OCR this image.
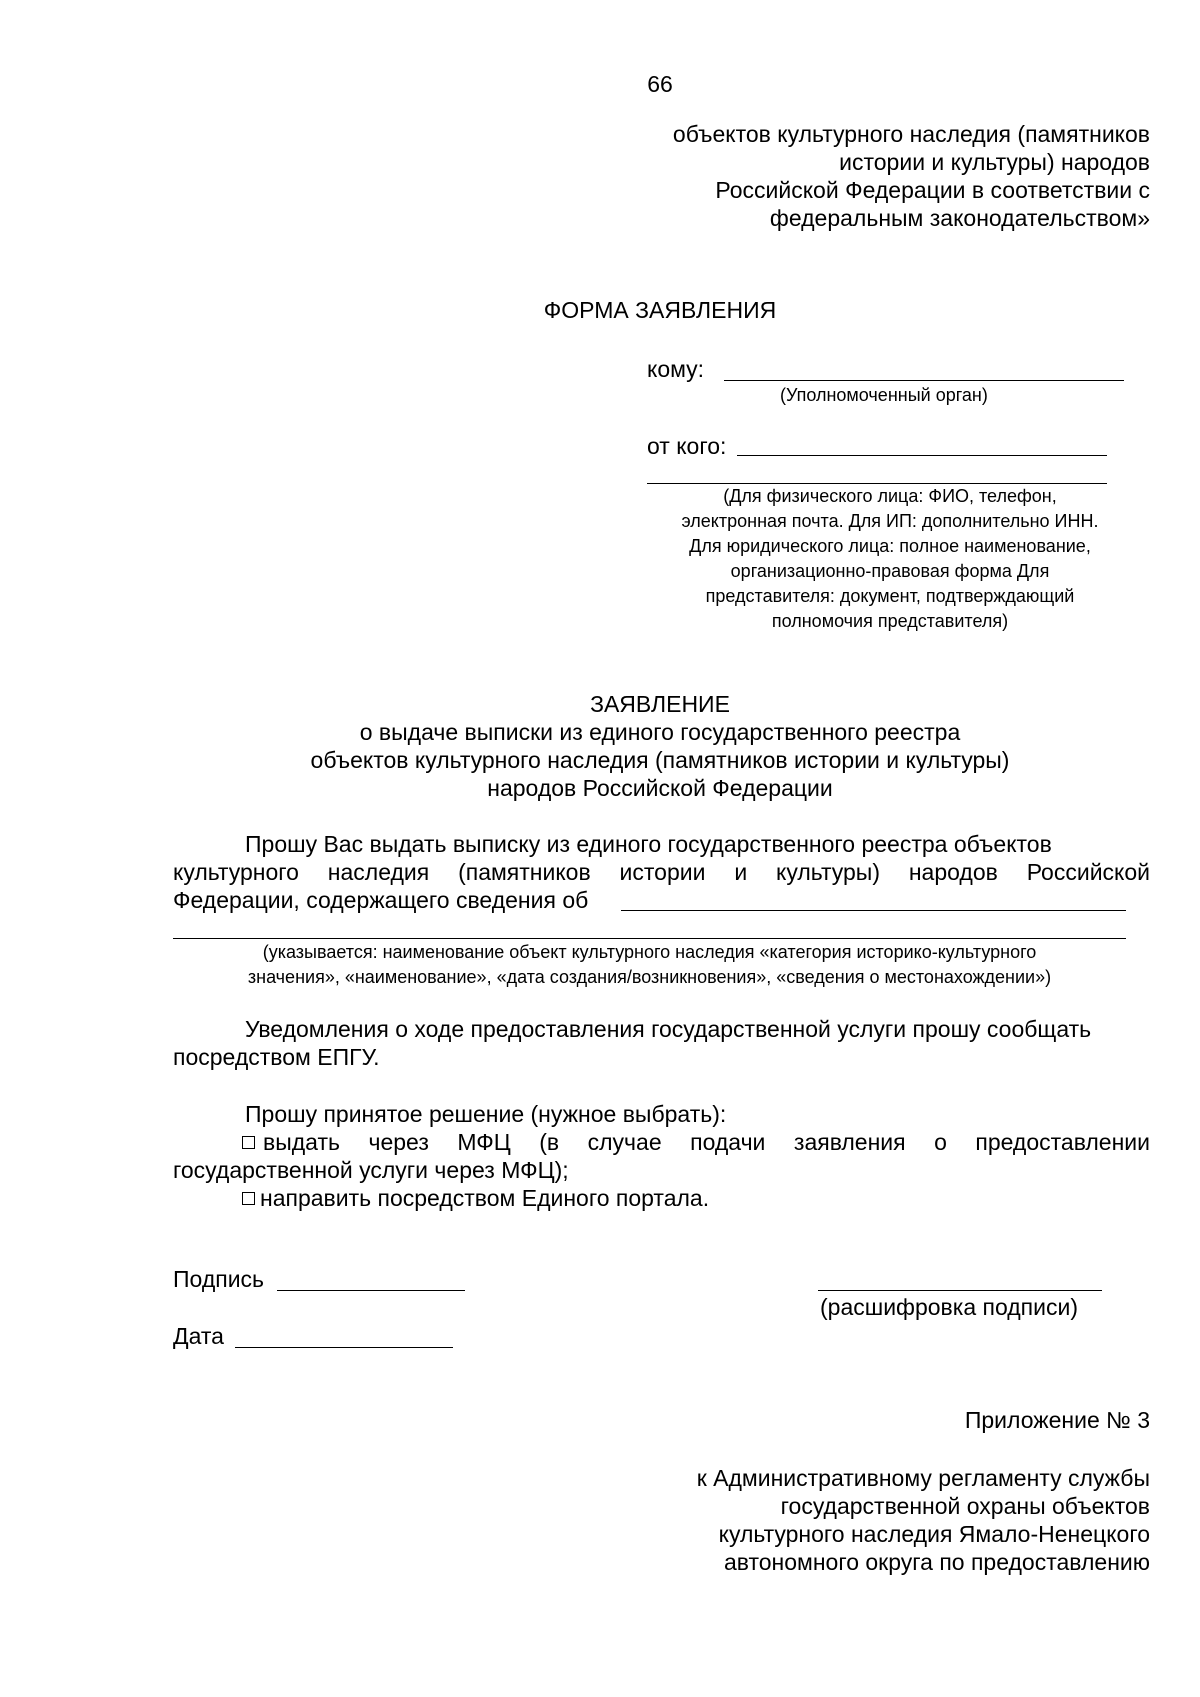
66
объектов культурного наследия (памятников
истории и культуры) народов
Российской Федерации в соответствии с
федеральным законодательством»
ФОРМА ЗАЯВЛЕНИЯ
кому:
(Уполномоченный орган)
от кого:
(Для физического лица: ФИО, телефон,
электронная почта. Для ИП: дополнительно ИНН.
Для юридического лица: полное наименование,
организационно-правовая форма Для
представителя: документ, подтверждающий
полномочия представителя)
ЗАЯВЛЕНИЕ
о выдаче выписки из единого государственного реестра
объектов культурного наследия (памятников истории и культуры)
народов Российской Федерации
Прошу Вас выдать выписку из единого государственного реестра объектов
культурного наследия (памятников истории и культуры) народов Российской
Федерации, содержащего сведения об
(указывается: наименование объект культурного наследия «категория историко-культурного
значения», «наименование», «дата создания/возникновения», «сведения о местонахождении»)
Уведомления о ходе предоставления государственной услуги прошу сообщать
посредством ЕПГУ.
Прошу принятое решение (нужное выбрать):
выдать через МФЦ (в случае подачи заявления о предоставлении
государственной услуги через МФЦ);
направить посредством Единого портала.
Подпись
(расшифровка подписи)
Дата
Приложение № 3
к Административному регламенту службы
государственной охраны объектов
культурного наследия Ямало-Ненецкого
автономного округа по предоставлению
